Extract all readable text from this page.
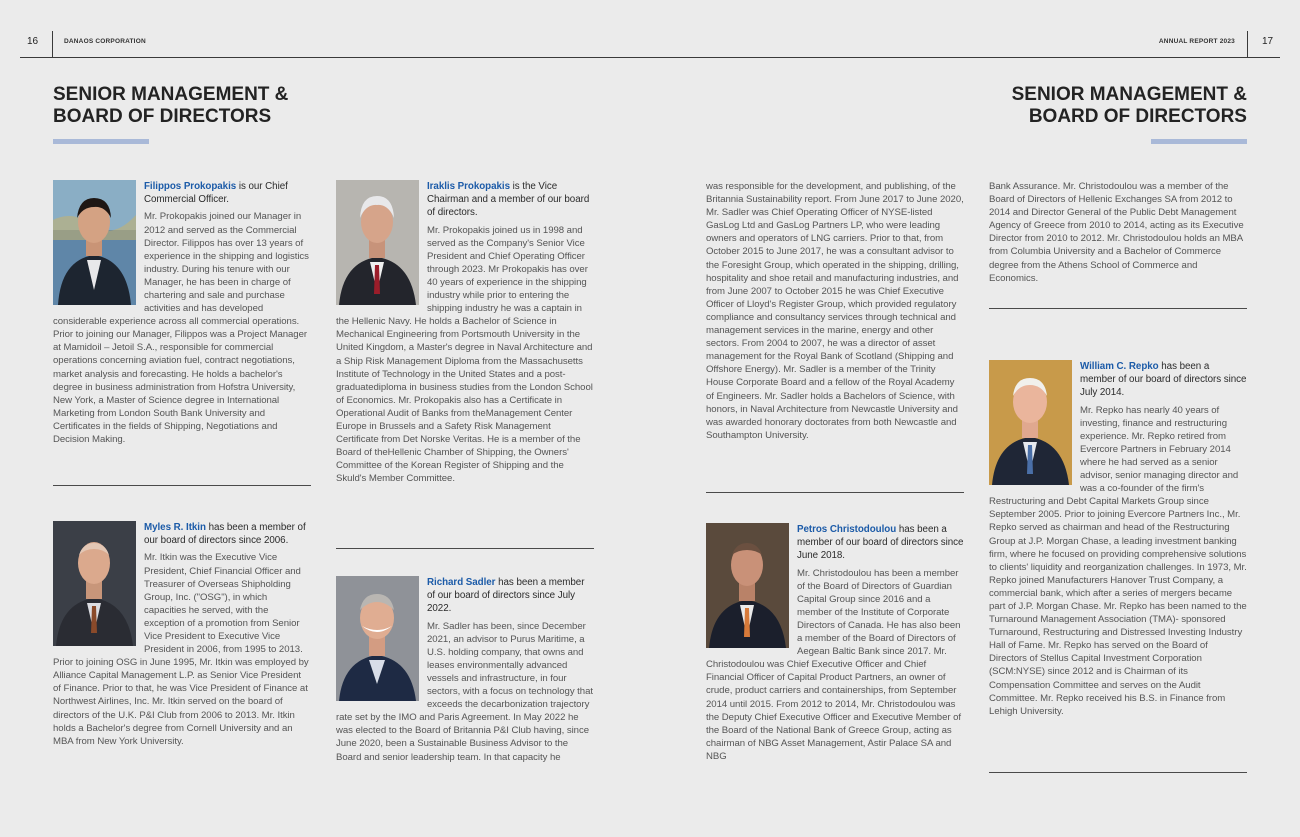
16	DANAOS CORPORATION	ANNUAL REPORT 2023	17
SENIOR MANAGEMENT &
BOARD OF DIRECTORS
SENIOR MANAGEMENT &
BOARD OF DIRECTORS
Filippos Prokopakis is our Chief Commercial Officer.
Mr. Prokopakis joined our Manager in 2012 and served as the Commercial Director. Filippos has over 13 years of experience in the shipping and logistics industry. During his tenure with our Manager, he has been in charge of chartering and sale and purchase activities and has developed considerable experience across all commercial operations. Prior to joining our Manager, Filippos was a Project Manager at Mamidoil – Jetoil S.A., responsible for commercial operations concerning aviation fuel, contract negotiations, market analysis and forecasting. He holds a bachelor's degree in business administration from Hofstra University, New York, a Master of Science degree in International Marketing from London South Bank University and Certificates in the fields of Shipping, Negotiations and Decision Making.
Myles R. Itkin has been a member of our board of directors since 2006.
Mr. Itkin was the Executive Vice President, Chief Financial Officer and Treasurer of Overseas Shipholding Group, Inc. ("OSG"), in which capacities he served, with the exception of a promotion from Senior Vice President to Executive Vice President in 2006, from 1995 to 2013. Prior to joining OSG in June 1995, Mr. Itkin was employed by Alliance Capital Management L.P. as Senior Vice President of Finance. Prior to that, he was Vice President of Finance at Northwest Airlines, Inc. Mr. Itkin served on the board of directors of the U.K. P&I Club from 2006 to 2013. Mr. Itkin holds a Bachelor's degree from Cornell University and an MBA from New York University.
Iraklis Prokopakis is the Vice Chairman and a member of our board of directors.
Mr. Prokopakis joined us in 1998 and served as the Company's Senior Vice President and Chief Operating Officer through 2023. Mr Prokopakis has over 40 years of experience in the shipping industry while prior to entering the shipping industry he was a captain in the Hellenic Navy. He holds a Bachelor of Science in Mechanical Engineering from Portsmouth University in the United Kingdom, a Master's degree in Naval Architecture and a Ship Risk Management Diploma from the Massachusetts Institute of Technology in the United States and a post-graduatediploma in business studies from the London School of Economics. Mr. Prokopakis also has a Certificate in Operational Audit of Banks from theManagement Center Europe in Brussels and a Safety Risk Management Certificate from Det Norske Veritas. He is a member of the Board of theHellenic Chamber of Shipping, the Owners' Committee of the Korean Register of Shipping and the Skuld's Member Committee.
Richard Sadler has been a member of our board of directors since July 2022.
Mr. Sadler has been, since December 2021, an advisor to Purus Maritime, a U.S. holding company, that owns and leases environmentally advanced vessels and infrastructure, in four sectors, with a focus on technology that exceeds the decarbonization trajectory rate set by the IMO and Paris Agreement. In May 2022 he was elected to the Board of Britannia P&I Club having, since June 2020, been a Sustainable Business Advisor to the Board and senior leadership team. In that capacity he
was responsible for the development, and publishing, of the Britannia Sustainability report. From June 2017 to June 2020, Mr. Sadler was Chief Operating Officer of NYSE-listed GasLog Ltd and GasLog Partners LP, who were leading owners and operators of LNG carriers. Prior to that, from October 2015 to June 2017, he was a consultant advisor to the Foresight Group, which operated in the shipping, drilling, hospitality and shoe retail and manufacturing industries, and from June 2007 to October 2015 he was Chief Executive Officer of Lloyd's Register Group, which provided regulatory compliance and consultancy services through technical and management services in the marine, energy and other sectors. From 2004 to 2007, he was a director of asset management for the Royal Bank of Scotland (Shipping and Offshore Energy). Mr. Sadler is a member of the Trinity House Corporate Board and a fellow of the Royal Academy of Engineers. Mr. Sadler holds a Bachelors of Science, with honors, in Naval Architecture from Newcastle University and was awarded honorary doctorates from both Newcastle and Southampton University.
Petros Christodoulou has been a member of our board of directors since June 2018.
Mr. Christodoulou has been a member of the Board of Directors of Guardian Capital Group since 2016 and a member of the Institute of Corporate Directors of Canada. He has also been a member of the Board of Directors of Aegean Baltic Bank since 2017. Mr. Christodoulou was Chief Executive Officer and Chief Financial Officer of Capital Product Partners, an owner of crude, product carriers and containerships, from September 2014 until 2015. From 2012 to 2014, Mr. Christodoulou was the Deputy Chief Executive Officer and Executive Member of the Board of the National Bank of Greece Group, acting as chairman of NBG Asset Management, Astir Palace SA and NBG
Bank Assurance. Mr. Christodoulou was a member of the Board of Directors of Hellenic Exchanges SA from 2012 to 2014 and Director General of the Public Debt Management Agency of Greece from 2010 to 2014, acting as its Executive Director from 2010 to 2012. Mr. Christodoulou holds an MBA from Columbia University and a Bachelor of Commerce degree from the Athens School of Commerce and Economics.
William C. Repko has been a member of our board of directors since July 2014.
Mr. Repko has nearly 40 years of investing, finance and restructuring experience. Mr. Repko retired from Evercore Partners in February 2014 where he had served as a senior advisor, senior managing director and was a co-founder of the firm's Restructuring and Debt Capital Markets Group since September 2005. Prior to joining Evercore Partners Inc., Mr. Repko served as chairman and head of the Restructuring Group at J.P. Morgan Chase, a leading investment banking firm, where he focused on providing comprehensive solutions to clients' liquidity and reorganization challenges. In 1973, Mr. Repko joined Manufacturers Hanover Trust Company, a commercial bank, which after a series of mergers became part of J.P. Morgan Chase. Mr. Repko has been named to the Turnaround Management Association (TMA)- sponsored Turnaround, Restructuring and Distressed Investing Industry Hall of Fame. Mr. Repko has served on the Board of Directors of Stellus Capital Investment Corporation (SCM:NYSE) since 2012 and is Chairman of its Compensation Committee and serves on the Audit Committee. Mr. Repko received his B.S. in Finance from Lehigh University.
